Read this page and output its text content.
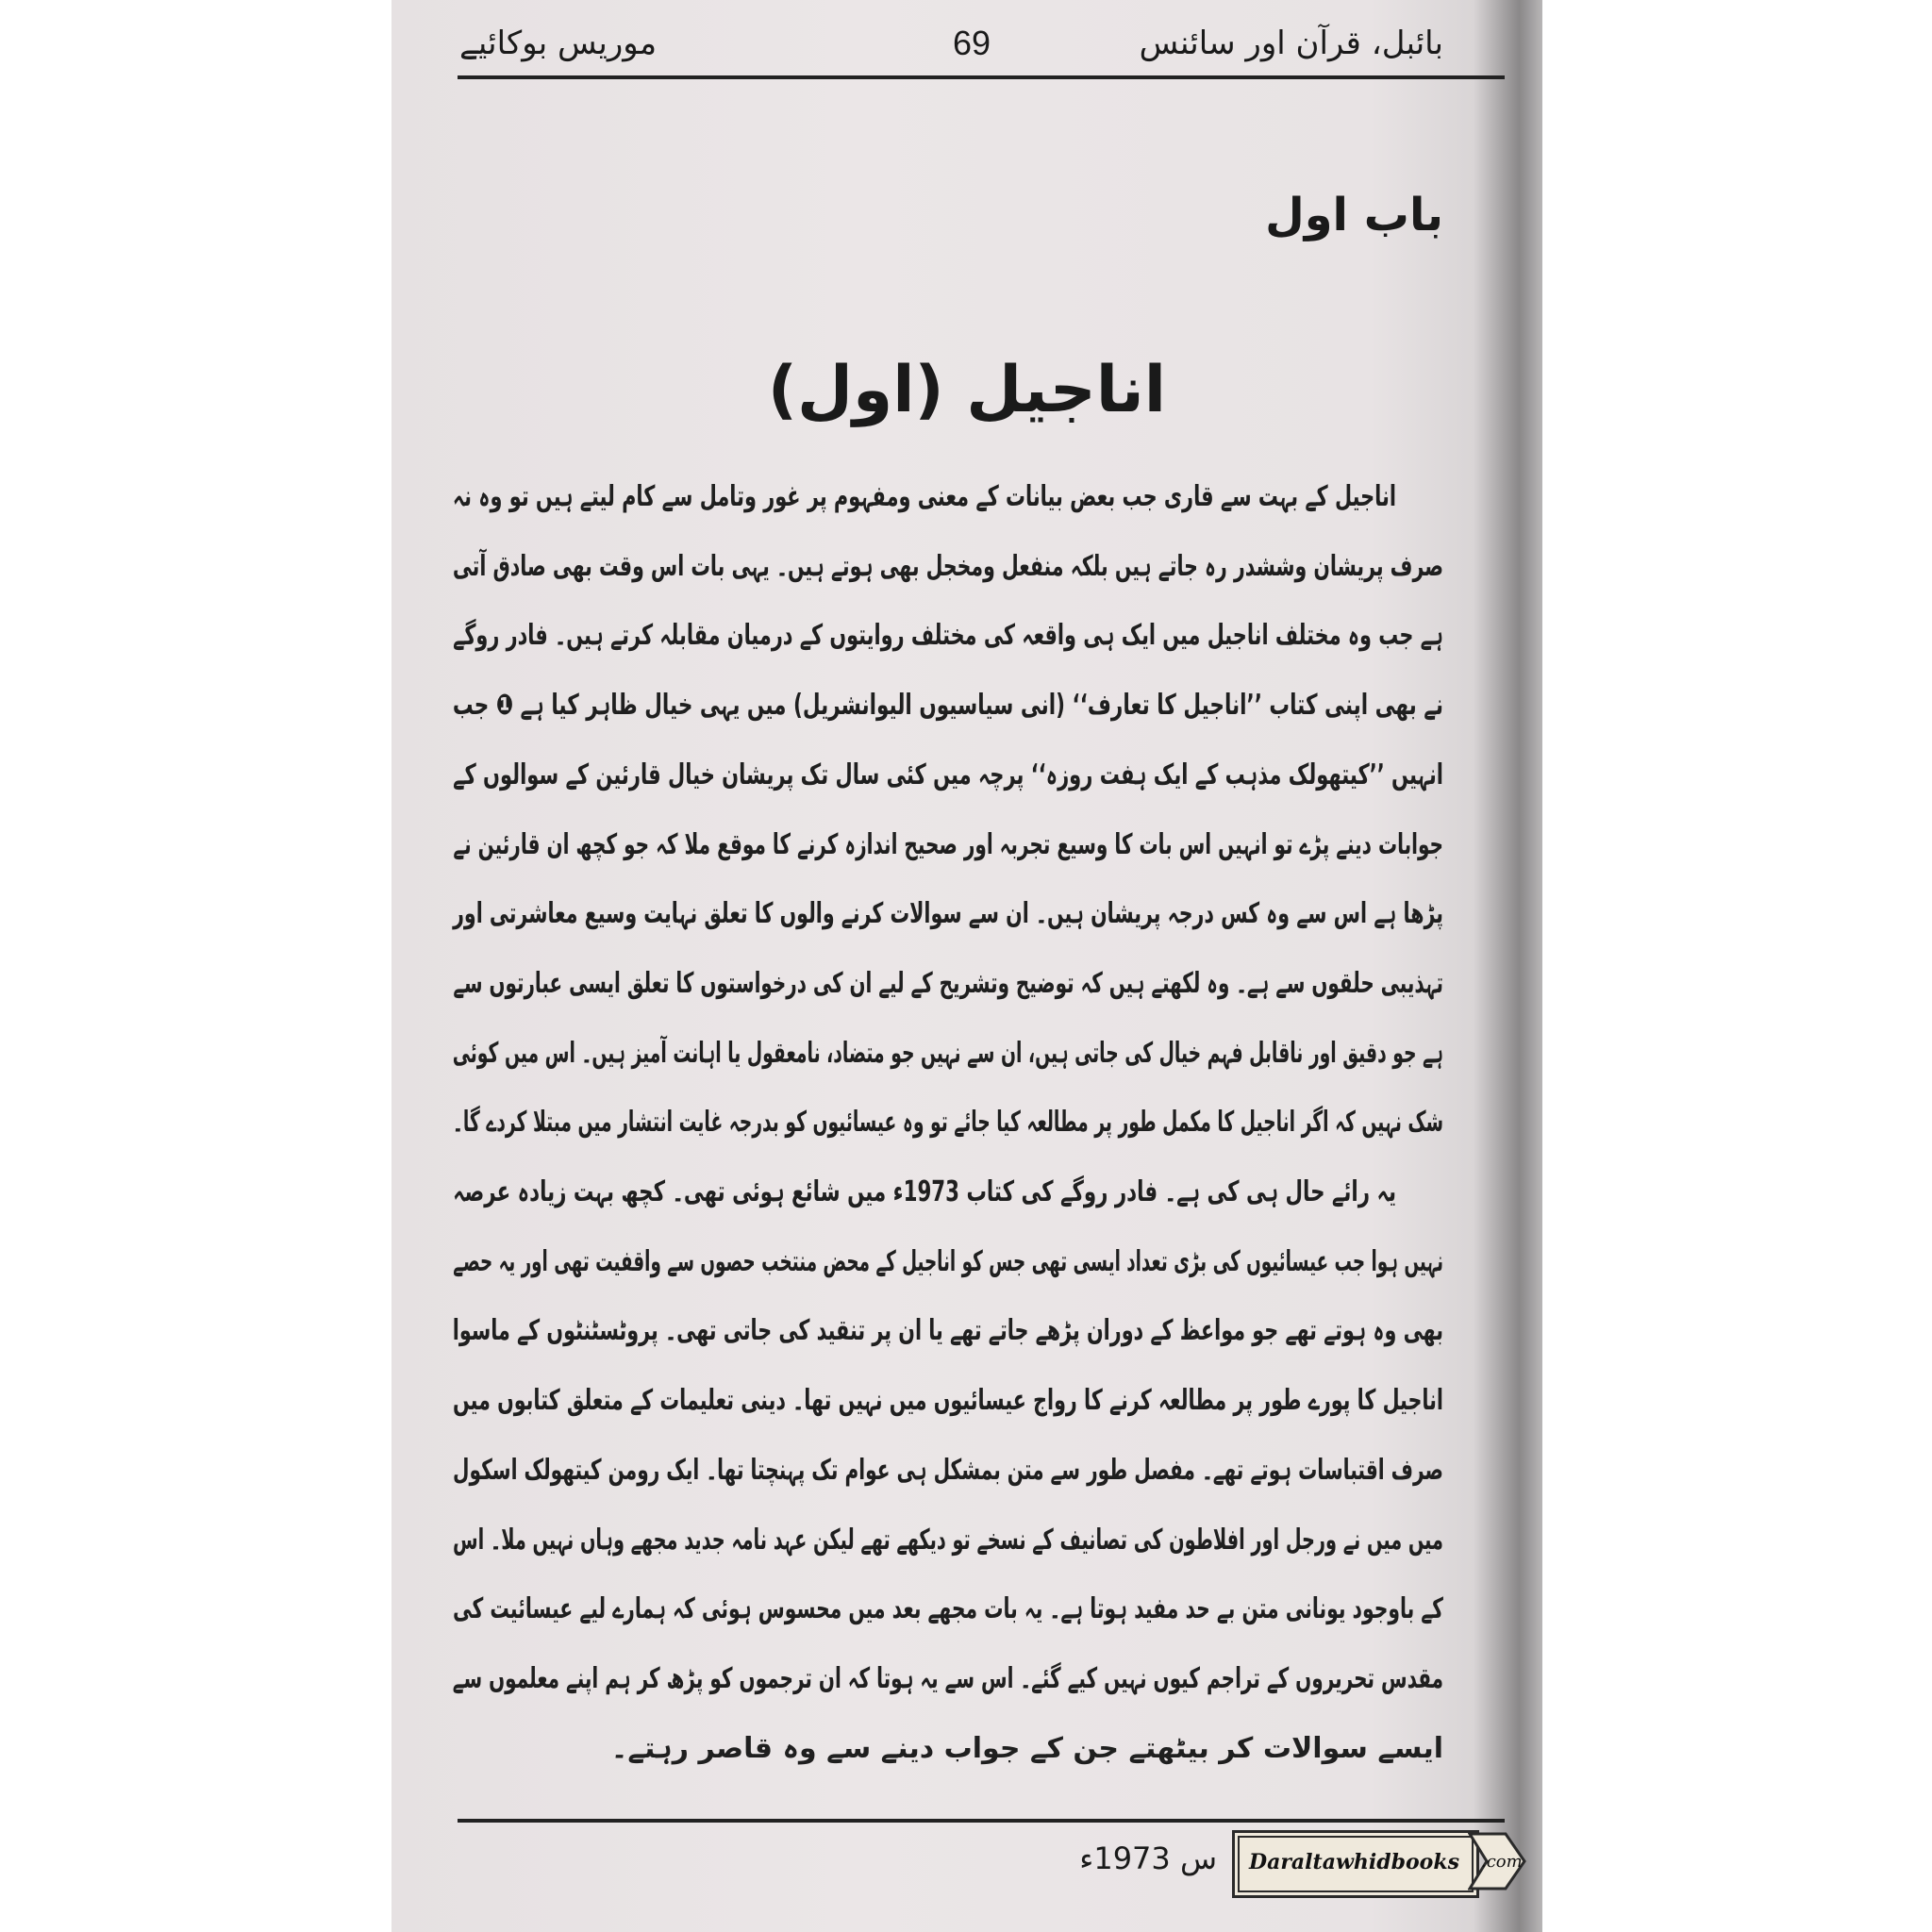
بائبل، قرآن اور سائنس
69
موریس بوکائیے
باب اول
اناجیل (اول)
اناجیل کے بہت سے قاری جب بعض بیانات کے معنی ومفہوم پر غور وتامل سے کام لیتے ہیں تو وہ نہ
صرف پریشان وششدر رہ جاتے ہیں بلکہ منفعل ومخجل بھی ہوتے ہیں۔ یہی بات اس وقت بھی صادق آتی
ہے جب وہ مختلف اناجیل میں ایک ہی واقعہ کی مختلف روایتوں کے درمیان مقابلہ کرتے ہیں۔ فادر روگے
نے بھی اپنی کتاب ’’اناجیل کا تعارف‘‘ (انی سیاسیوں الیوانشریل) میں یہی خیال ظاہر کیا ہے ❶ جب
انہیں ’’کیتھولک مذہب کے ایک ہفت روزہ‘‘ پرچہ میں کئی سال تک پریشان خیال قارئین کے سوالوں کے
جوابات دینے پڑے تو انہیں اس بات کا وسیع تجربہ اور صحیح اندازہ کرنے کا موقع ملا کہ جو کچھ ان قارئین نے
پڑھا ہے اس سے وہ کس درجہ پریشان ہیں۔ ان سے سوالات کرنے والوں کا تعلق نہایت وسیع معاشرتی اور
تہذیبی حلقوں سے ہے۔ وہ لکھتے ہیں کہ توضیح وتشریح کے لیے ان کی درخواستوں کا تعلق ایسی عبارتوں سے
ہے جو دقیق اور ناقابل فہم خیال کی جاتی ہیں، ان سے نہیں جو متضاد، نامعقول یا اہانت آمیز ہیں۔ اس میں کوئی
شک نہیں کہ اگر اناجیل کا مکمل طور پر مطالعہ کیا جائے تو وہ عیسائیوں کو بدرجہ غایت انتشار میں مبتلا کردے گا۔
یہ رائے حال ہی کی ہے۔ فادر روگے کی کتاب 1973ء میں شائع ہوئی تھی۔ کچھ بہت زیادہ عرصہ
نہیں ہوا جب عیسائیوں کی بڑی تعداد ایسی تھی جس کو اناجیل کے محض منتخب حصوں سے واقفیت تھی اور یہ حصے
بھی وہ ہوتے تھے جو مواعظ کے دوران پڑھے جاتے تھے یا ان پر تنقید کی جاتی تھی۔ پروٹسٹنٹوں کے ماسوا
اناجیل کا پورے طور پر مطالعہ کرنے کا رواج عیسائیوں میں نہیں تھا۔ دینی تعلیمات کے متعلق کتابوں میں
صرف اقتباسات ہوتے تھے۔ مفصل طور سے متن بمشکل ہی عوام تک پہنچتا تھا۔ ایک رومن کیتھولک اسکول
میں میں نے ورجل اور افلاطون کی تصانیف کے نسخے تو دیکھے تھے لیکن عہد نامہ جدید مجھے وہاں نہیں ملا۔ اس
کے باوجود یونانی متن بے حد مفید ہوتا ہے۔ یہ بات مجھے بعد میں محسوس ہوئی کہ ہمارے لیے عیسائیت کی
مقدس تحریروں کے تراجم کیوں نہیں کیے گئے۔ اس سے یہ ہوتا کہ ان ترجموں کو پڑھ کر ہم اپنے معلموں سے
ایسے سوالات کر بیٹھتے جن کے جواب دینے سے وہ قاصر رہتے۔
س 1973ء Daraltawhidbooks .com
